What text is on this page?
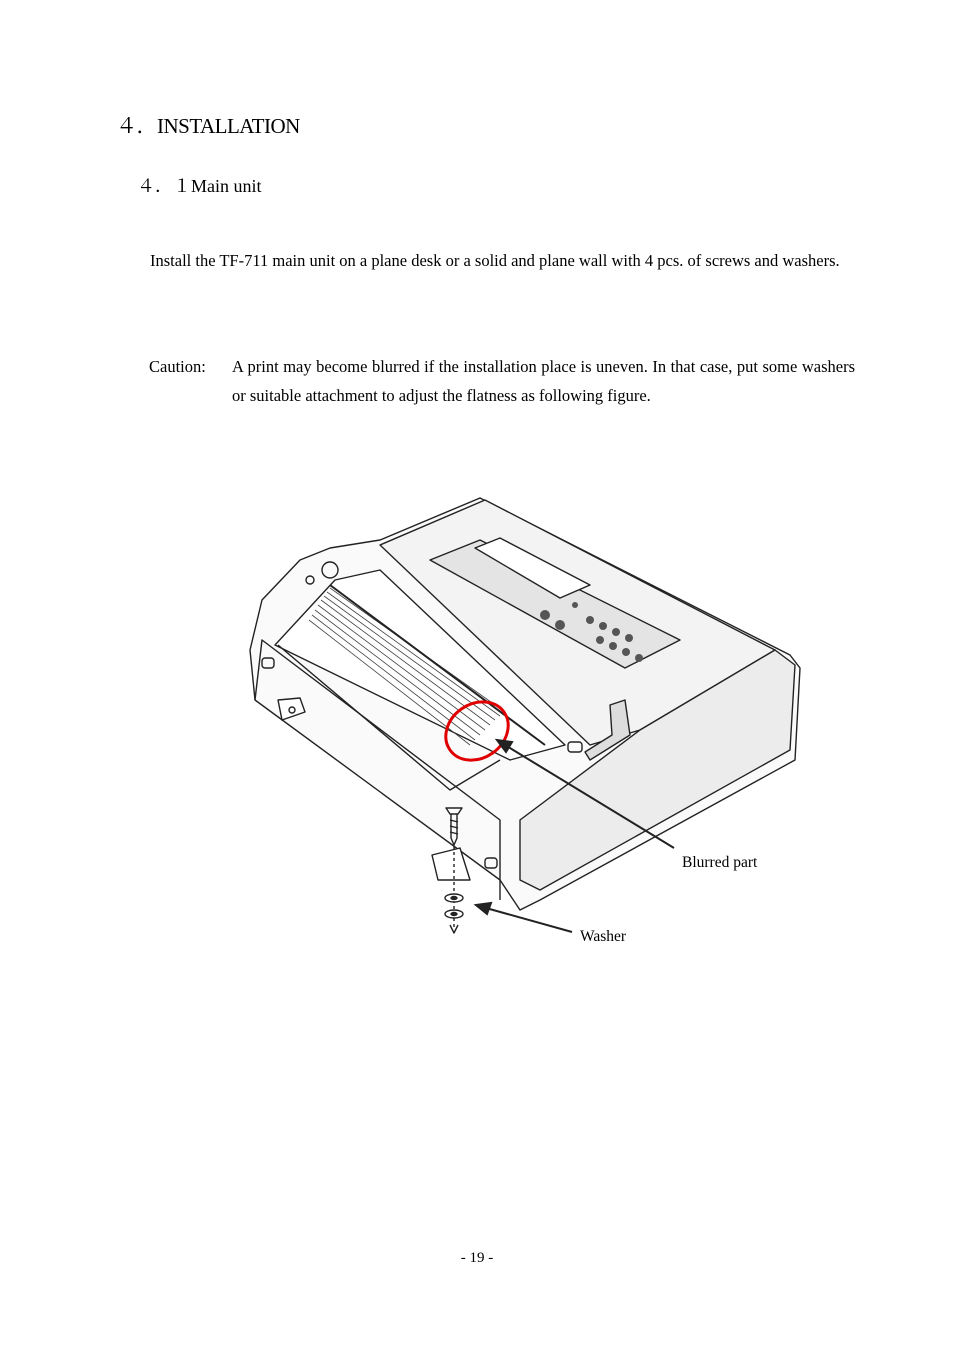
４．INSTALLATION
４．１Main unit
Install the TF-711 main unit on a plane desk or a solid and plane wall with 4 pcs. of screws and washers.
Caution: A print may become blurred if the installation place is uneven. In that case, put some washers or suitable attachment to adjust the flatness as following figure.
Blurred part
Washer
- 19 -
